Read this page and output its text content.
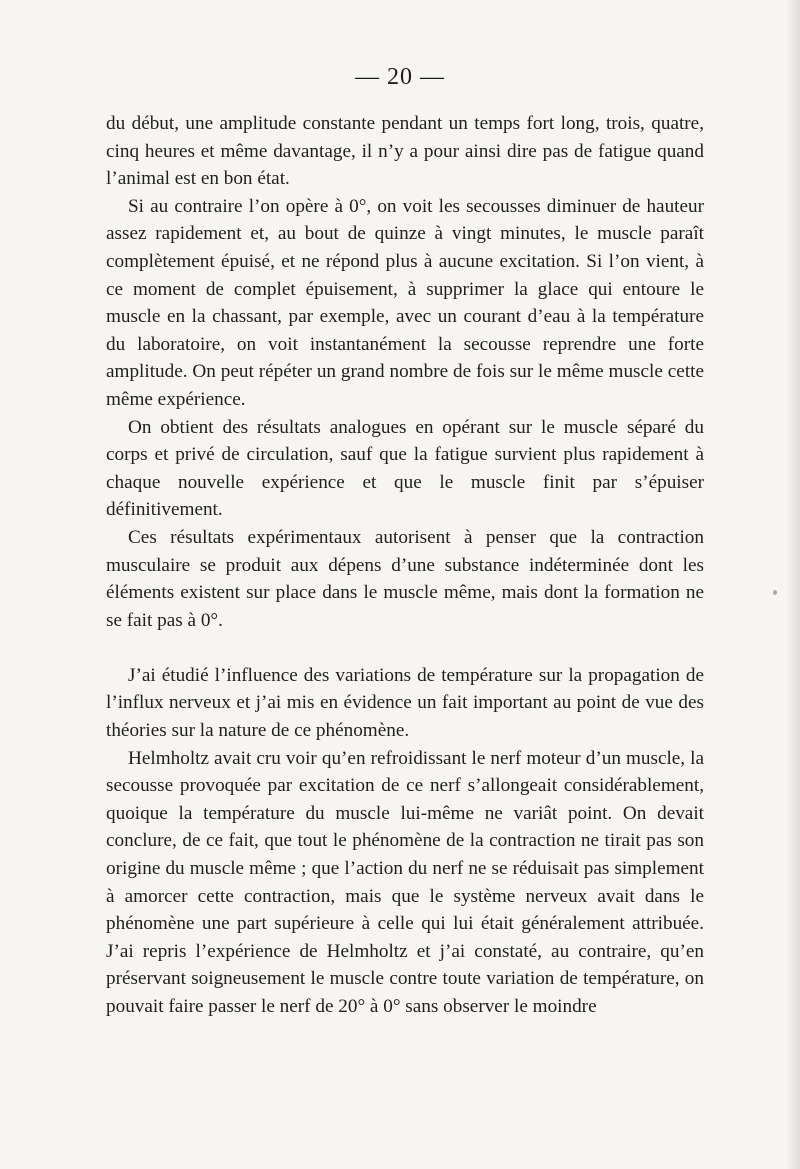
— 20 —

du début, une amplitude constante pendant un temps fort long, trois, quatre, cinq heures et même davantage, il n’y a pour ainsi dire pas de fatigue quand l’animal est en bon état.

Si au contraire l’on opère à 0°, on voit les secousses diminuer de hauteur assez rapidement et, au bout de quinze à vingt minutes, le muscle paraît complètement épuisé, et ne répond plus à aucune excitation. Si l’on vient, à ce moment de complet épuisement, à supprimer la glace qui entoure le muscle en la chassant, par exemple, avec un courant d’eau à la température du laboratoire, on voit instantanément la secousse reprendre une forte amplitude. On peut répéter un grand nombre de fois sur le même muscle cette même expérience.

On obtient des résultats analogues en opérant sur le muscle séparé du corps et privé de circulation, sauf que la fatigue survient plus rapidement à chaque nouvelle expérience et que le muscle finit par s’épuiser définitivement.

Ces résultats expérimentaux autorisent à penser que la contraction musculaire se produit aux dépens d’une substance indéterminée dont les éléments existent sur place dans le muscle même, mais dont la formation ne se fait pas à 0°.

J’ai étudié l’influence des variations de température sur la propagation de l’influx nerveux et j’ai mis en évidence un fait important au point de vue des théories sur la nature de ce phénomène.

Helmholtz avait cru voir qu’en refroidissant le nerf moteur d’un muscle, la secousse provoquée par excitation de ce nerf s’allongeait considérablement, quoique la température du muscle lui-même ne variât point. On devait conclure, de ce fait, que tout le phénomène de la contraction ne tirait pas son origine du muscle même ; que l’action du nerf ne se réduisait pas simplement à amorcer cette contraction, mais que le système nerveux avait dans le phénomène une part supérieure à celle qui lui était généralement attribuée. J’ai repris l’expérience de Helmholtz et j’ai constaté, au contraire, qu’en préservant soigneusement le muscle contre toute variation de température, on pouvait faire passer le nerf de 20° à 0° sans observer le moindre
